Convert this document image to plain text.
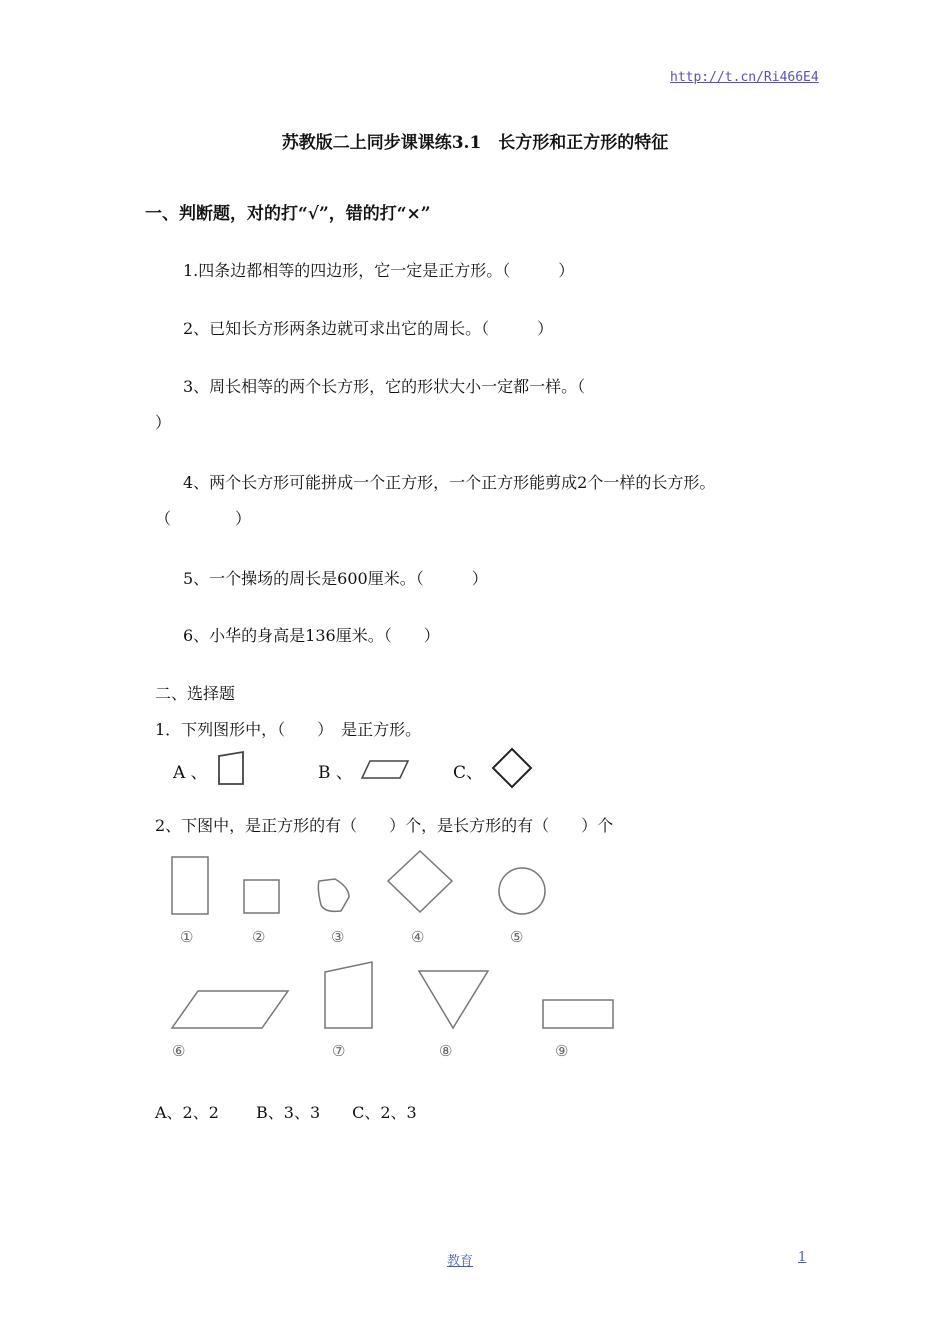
http://t.cn/Ri466E4
苏教版二上同步课课练3.1　长方形和正方形的特征
一、判断题，对的打“√”，错的打“×”
1.四条边都相等的四边形，它一定是正方形。（　　　）
2、已知长方形两条边就可求出它的周长。（　　　）
3、周长相等的两个长方形，它的形状大小一定都一样。（
）
4、两个长方形可能拼成一个正方形，一个正方形能剪成2个一样的长方形。
（　　　　）
5、一个操场的周长是600厘米。（　　　）
6、小华的身高是136厘米。（　　）
二、选择题
1．下列图形中，（　　）　是正方形。
A 、	B 、	C、
2、下图中，是正方形的有（　　）个，是长方形的有（　　）个
①	②	③	④	⑤
⑥	⑦	⑧	⑨
A、2、2　　 B、3、3　　C、2、3
教育	1
